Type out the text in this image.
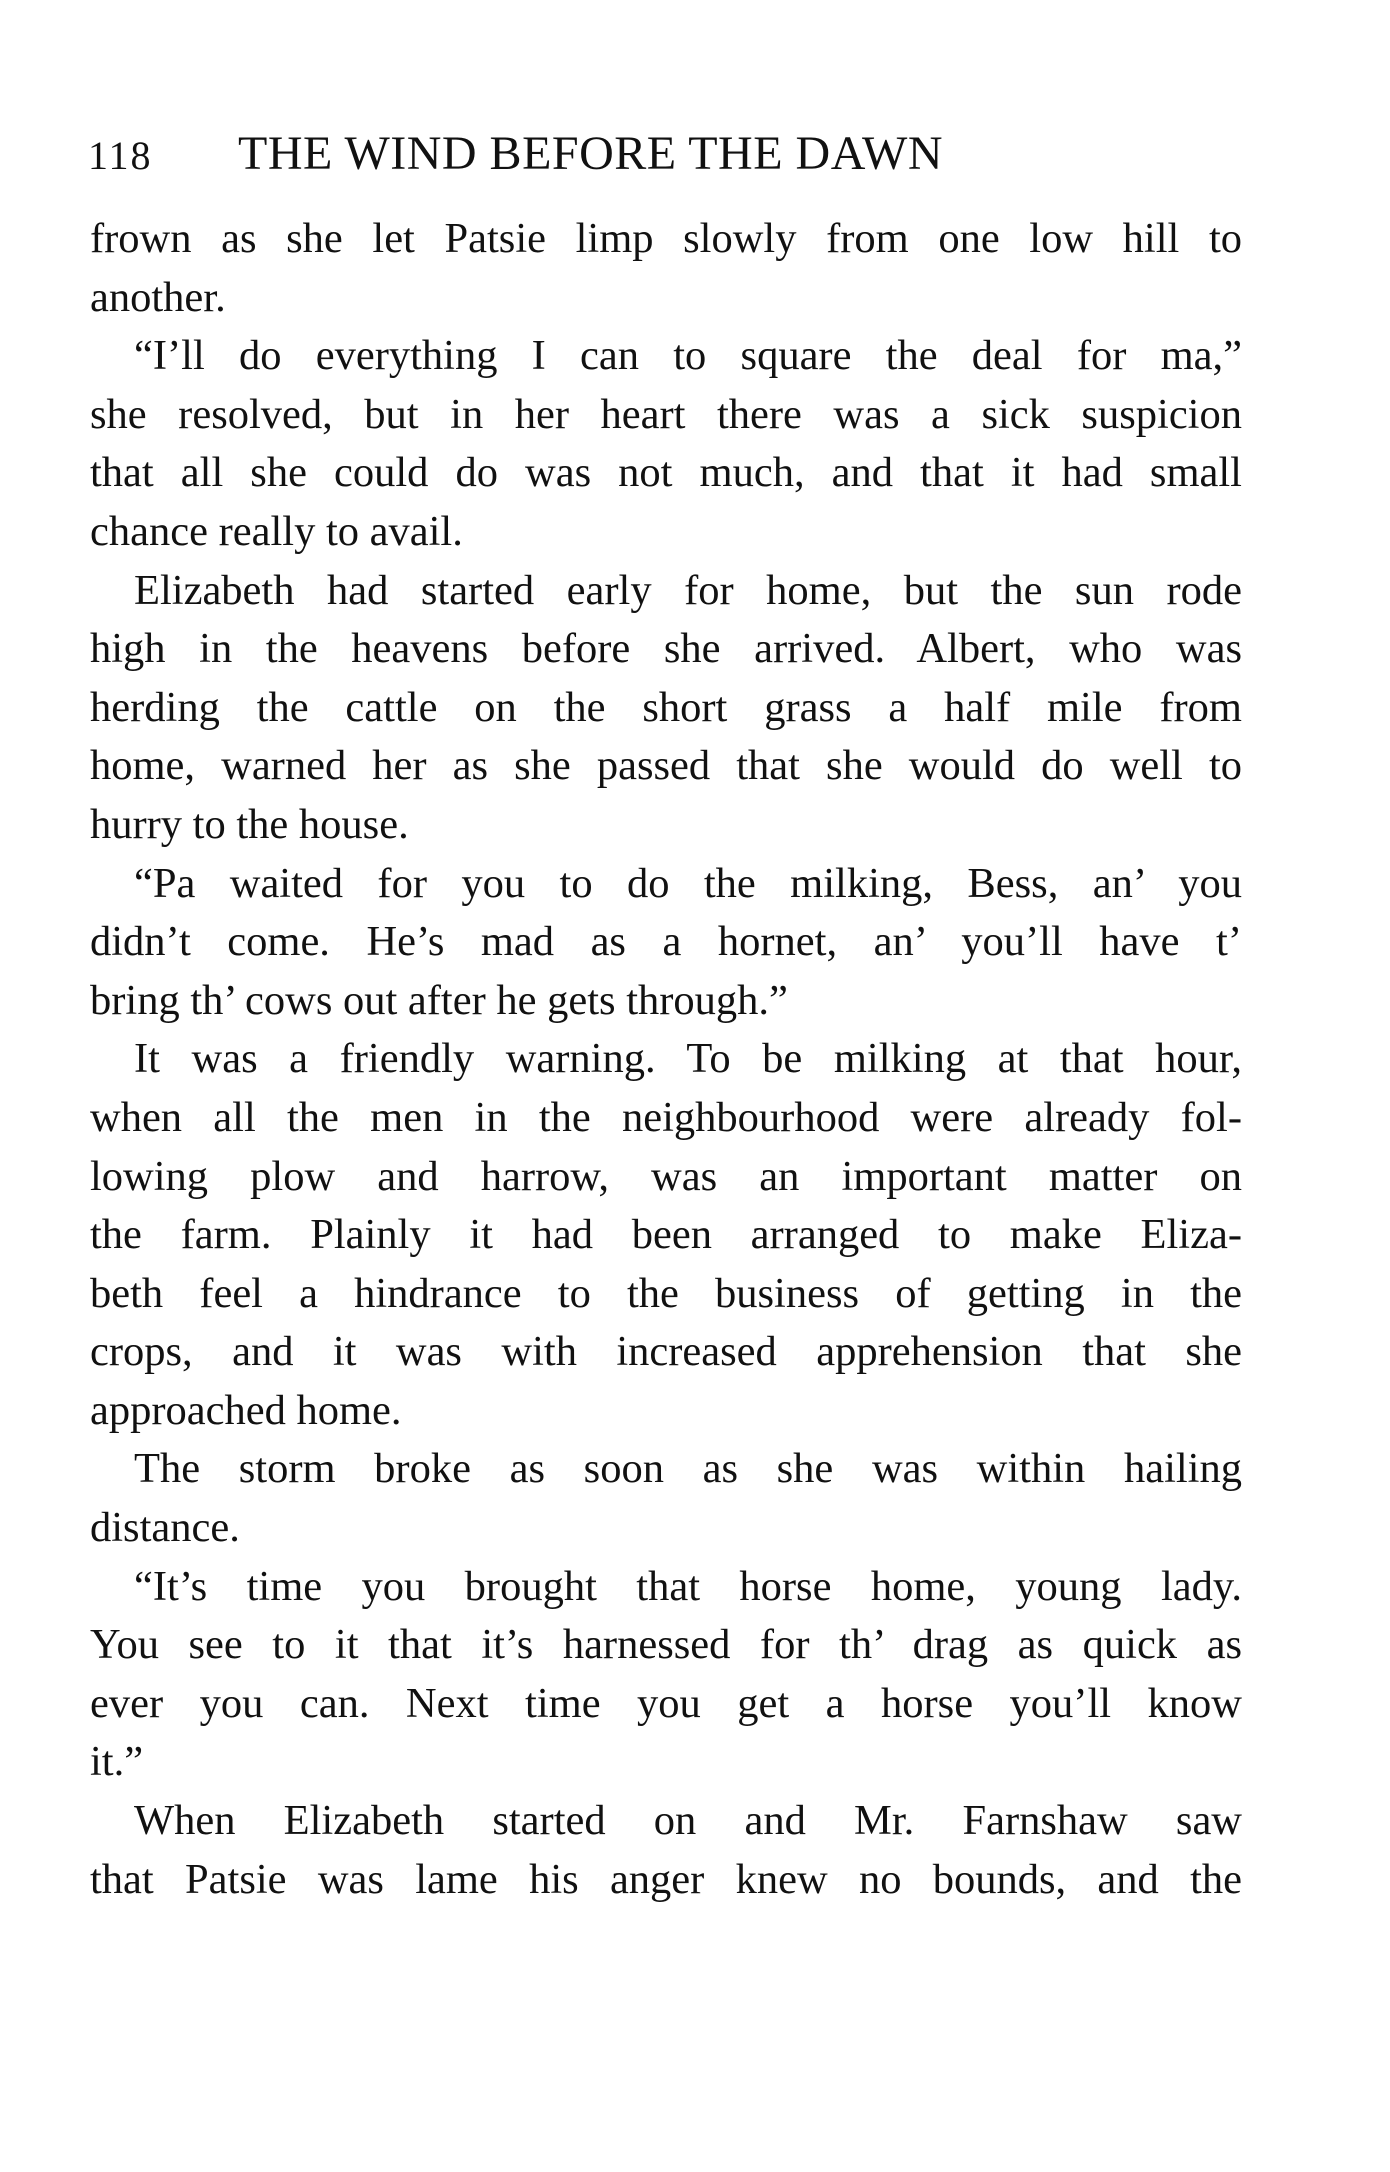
118 THE WIND BEFORE THE DAWN
frown as she let Patsie limp slowly from one low hill to
another.
“I’ll do everything I can to square the deal for ma,”
she resolved, but in her heart there was a sick suspicion
that all she could do was not much, and that it had small
chance really to avail.
Elizabeth had started early for home, but the sun rode
high in the heavens before she arrived. Albert, who was
herding the cattle on the short grass a half mile from
home, warned her as she passed that she would do well to
hurry to the house.
“Pa waited for you to do the milking, Bess, an’ you
didn’t come. He’s mad as a hornet, an’ you’ll have t’
bring th’ cows out after he gets through.”
It was a friendly warning. To be milking at that hour,
when all the men in the neighbourhood were already fol-
lowing plow and harrow, was an important matter on
the farm. Plainly it had been arranged to make Eliza-
beth feel a hindrance to the business of getting in the
crops, and it was with increased apprehension that she
approached home.
The storm broke as soon as she was within hailing
distance.
“It’s time you brought that horse home, young lady.
You see to it that it’s harnessed for th’ drag as quick as
ever you can. Next time you get a horse you’ll know
it.”
When Elizabeth started on and Mr. Farnshaw saw
that Patsie was lame his anger knew no bounds, and the
